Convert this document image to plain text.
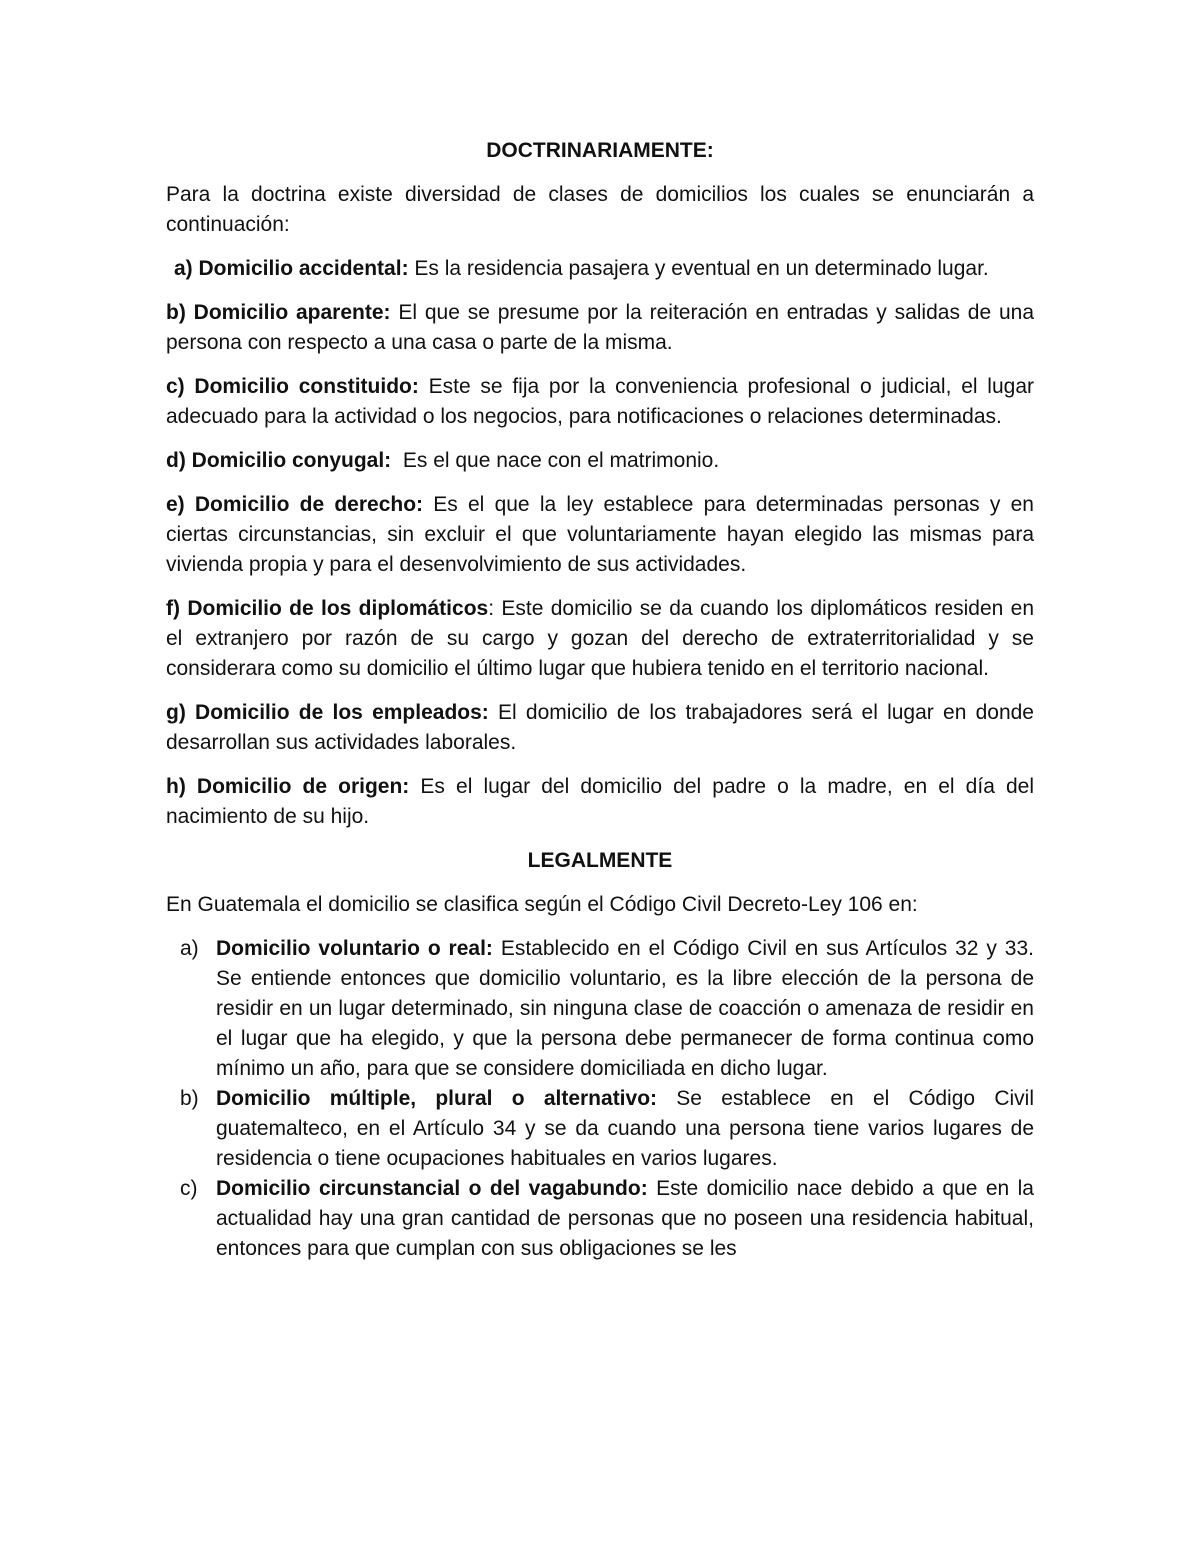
DOCTRINARIAMENTE:

Para la doctrina existe diversidad de clases de domicilios los cuales se enunciarán a continuación:

a) Domicilio accidental: Es la residencia pasajera y eventual en un determinado lugar.

b) Domicilio aparente: El que se presume por la reiteración en entradas y salidas de una persona con respecto a una casa o parte de la misma.

c) Domicilio constituido: Este se fija por la conveniencia profesional o judicial, el lugar adecuado para la actividad o los negocios, para notificaciones o relaciones determinadas.

d) Domicilio conyugal:  Es el que nace con el matrimonio.

e) Domicilio de derecho: Es el que la ley establece para determinadas personas y en ciertas circunstancias, sin excluir el que voluntariamente hayan elegido las mismas para vivienda propia y para el desenvolvimiento de sus actividades.

f) Domicilio de los diplomáticos: Este domicilio se da cuando los diplomáticos residen en el extranjero por razón de su cargo y gozan del derecho de extraterritorialidad y se considerara como su domicilio el último lugar que hubiera tenido en el territorio nacional.

g) Domicilio de los empleados: El domicilio de los trabajadores será el lugar en donde desarrollan sus actividades laborales.

h) Domicilio de origen: Es el lugar del domicilio del padre o la madre, en el día del nacimiento de su hijo.

LEGALMENTE

En Guatemala el domicilio se clasifica según el Código Civil Decreto-Ley 106 en:

a) Domicilio voluntario o real: Establecido en el Código Civil en sus Artículos 32 y 33. Se entiende entonces que domicilio voluntario, es la libre elección de la persona de residir en un lugar determinado, sin ninguna clase de coacción o amenaza de residir en el lugar que ha elegido, y que la persona debe permanecer de forma continua como mínimo un año, para que se considere domiciliada en dicho lugar.
b) Domicilio múltiple, plural o alternativo: Se establece en el Código Civil guatemalteco, en el Artículo 34 y se da cuando una persona tiene varios lugares de residencia o tiene ocupaciones habituales en varios lugares.
c) Domicilio circunstancial o del vagabundo: Este domicilio nace debido a que en la actualidad hay una gran cantidad de personas que no poseen una residencia habitual, entonces para que cumplan con sus obligaciones se les
